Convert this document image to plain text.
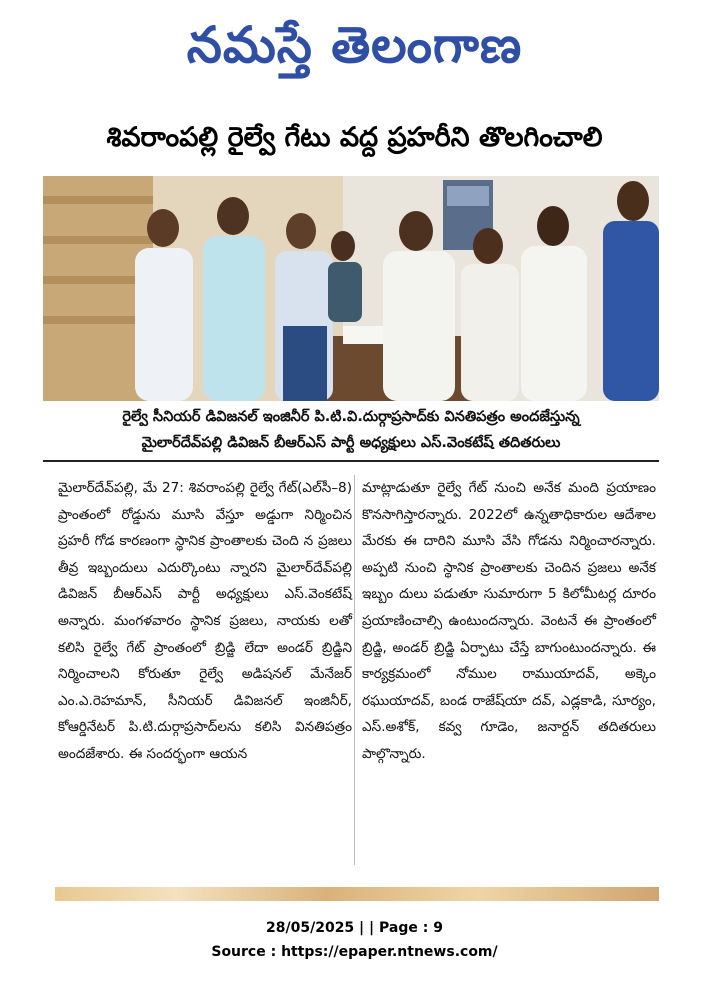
నమస్తే తెలంగాణ
శివరాంపల్లి రైల్వే గేటు వద్ద ప్రహరీని తొలగించాలి
రైల్వే సీనియర్ డివిజనల్ ఇంజినీర్ పి.టి.వి.దుర్గాప్రసాద్‌కు వినతిపత్రం అందజేస్తున్న
మైలార్‌దేవ్‌పల్లి డివిజన్ బీఆర్‌ఎస్ పార్టీ అధ్యక్షులు ఎస్.వెంకటేష్ తదితరులు

మైలార్‌దేవ్‌పల్లి, మే 27: శివరాంపల్లి రైల్వే గేట్(ఎల్‌సీ–8) ప్రాంతంలో రోడ్డును మూసి వేస్తూ అడ్డుగా నిర్మించిన ప్రహరీ గోడ కారణంగా స్థానిక ప్రాంతాలకు చెంది న ప్రజలు తీవ్ర ఇబ్బందులు ఎదుర్కొంటు న్నారని మైలార్‌దేవ్‌పల్లి డివిజన్ బీఆర్‌ఎస్ పార్టీ అధ్యక్షులు ఎస్.వెంకటేష్ అన్నారు. మంగళవారం స్థానిక ప్రజలు, నాయకు లతో కలిసి రైల్వే గేట్ ప్రాంతంలో బ్రిడ్జి లేదా అండర్ బ్రిడ్జిని నిర్మించాలని కోరుతూ రైల్వే అడిషనల్ మేనేజర్ ఎం.ఎ.రెహమాన్, సీనియర్ డివిజనల్ ఇంజినీర్, కోఆర్డినేటర్ పి.టి.దుర్గాప్రసాద్‌లను కలిసి వినతిపత్రం అందజేశారు. ఈ సందర్భంగా ఆయన

మాట్లాడుతూ రైల్వే గేట్ నుంచి అనేక మంది ప్రయాణం కొనసాగిస్తారన్నారు. 2022లో ఉన్నతాధికారుల ఆదేశాల మేరకు ఈ దారిని మూసి వేసి గోడను నిర్మించారన్నారు. అప్పటి నుంచి స్థానిక ప్రాంతాలకు చెందిన ప్రజలు అనేక ఇబ్బం దులు పడుతూ సుమారుగా 5 కిలోమీటర్ల దూరం ప్రయాణించాల్సి ఉంటుందన్నారు. వెంటనే ఈ ప్రాంతంలో బ్రిడ్జి, అండర్ బ్రిడ్జి ఏర్పాటు చేస్తే బాగుంటుందన్నారు. ఈ కార్యక్రమంలో నోముల రాముయాదవ్, అక్కెం రఘుయాదవ్, బండ రాజేష్‌యా దవ్, ఎడ్లకాడి, సూర్యం, ఎస్.అశోక్, కవ్వ గూడెం, జనార్దన్ తదితరులు పాల్గొన్నారు.

28/05/2025 | | Page : 9
Source : https://epaper.ntnews.com/
